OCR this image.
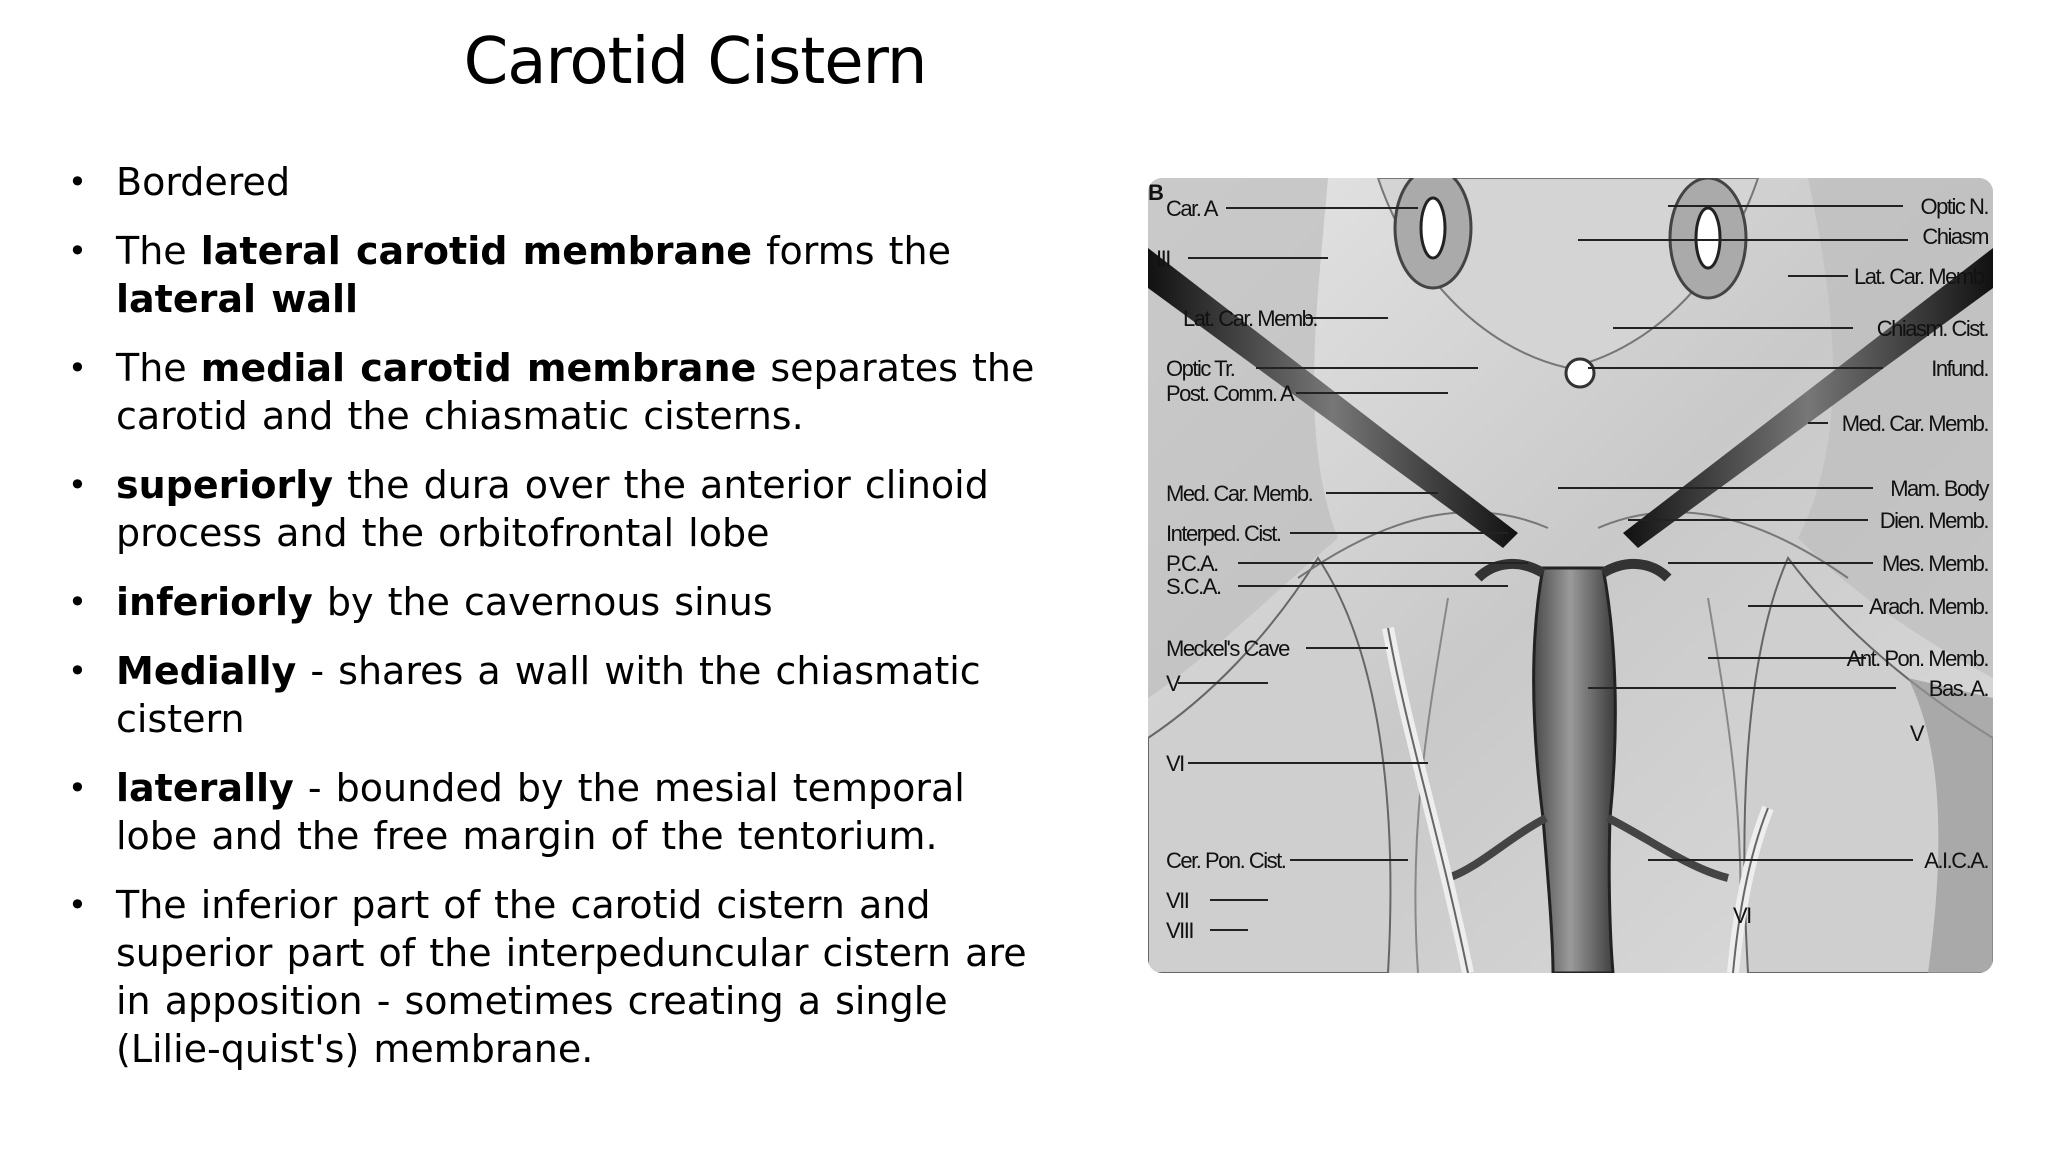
Carotid Cistern
• Bordered
• The lateral carotid membrane forms the lateral wall
• The medial carotid membrane separates the carotid and the chiasmatic cisterns.
• superiorly the dura over the anterior clinoid process and the orbitofrontal lobe
• inferiorly by the cavernous sinus
• Medially - shares a wall with the chiasmatic cistern
• laterally - bounded by the mesial temporal lobe and the free margin of the tentorium.
• The inferior part of the carotid cistern and superior part of the interpeduncular cistern are in apposition - sometimes creating a single (Lilie-quist's) membrane.
B
Car. A
III
Lat. Car. Memb.
Optic Tr.
Post. Comm. A
Med. Car. Memb.
Interped. Cist.
P.C.A.
S.C.A.
Meckel's Cave
V
VI
Cer. Pon. Cist.
VII
VIII
Optic N.
Chiasm
Lat. Car. Memb.
Chiasm. Cist.
Infund.
Med. Car. Memb.
Mam. Body
Dien. Memb.
Mes. Memb.
Arach. Memb.
Ant. Pon. Memb.
Bas. A.
V
A.I.C.A.
VI
